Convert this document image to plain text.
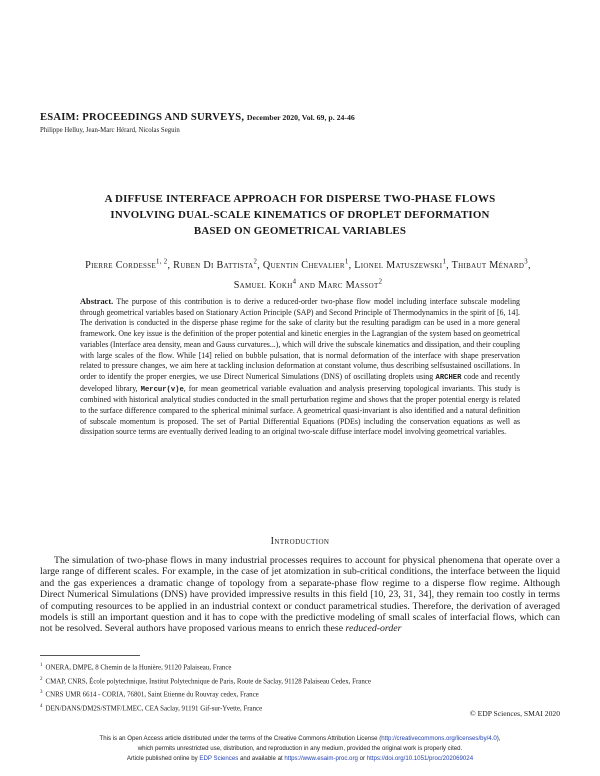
ESAIM: PROCEEDINGS AND SURVEYS, December 2020, Vol. 69, p. 24-46
Philippe Helluy, Jean-Marc Hérard, Nicolas Seguin
A DIFFUSE INTERFACE APPROACH FOR DISPERSE TWO-PHASE FLOWS
INVOLVING DUAL-SCALE KINEMATICS OF DROPLET DEFORMATION
BASED ON GEOMETRICAL VARIABLES
Pierre Cordesse$^{1, 2}$, Ruben Di Battista$^2$, Quentin Chevalier$^1$, Lionel Matuszewski$^1$, Thibaut Ménard$^3$, Samuel Kokh$^4$ and Marc Massot$^2$
Abstract. The purpose of this contribution is to derive a reduced-order two-phase flow model including interface subscale modeling through geometrical variables based on Stationary Action Principle (SAP) and Second Principle of Thermodynamics in the spirit of [6, 14]. The derivation is conducted in the disperse phase regime for the sake of clarity but the resulting paradigm can be used in a more general framework. One key issue is the definition of the proper potential and kinetic energies in the Lagrangian of the system based on geometrical variables (Interface area density, mean and Gauss curvatures...), which will drive the subscale kinematics and dissipation, and their coupling with large scales of the flow. While [14] relied on bubble pulsation, that is normal deformation of the interface with shape preservation related to pressure changes, we aim here at tackling inclusion deformation at constant volume, thus describing selfsustained oscillations. In order to identify the proper energies, we use Direct Numerical Simulations (DNS) of oscillating droplets using ARCHER code and recently developed library, Mercur(v)e, for mean geometrical variable evaluation and analysis preserving topological invariants. This study is combined with historical analytical studies conducted in the small perturbation regime and shows that the proper potential energy is related to the surface difference compared to the spherical minimal surface. A geometrical quasi-invariant is also identified and a natural definition of subscale momentum is proposed. The set of Partial Differential Equations (PDEs) including the conservation equations as well as dissipation source terms are eventually derived leading to an original two-scale diffuse interface model involving geometrical variables.
Introduction

The simulation of two-phase flows in many industrial processes requires to account for physical phenomena that operate over a large range of different scales. For example, in the case of jet atomization in sub-critical conditions, the interface between the liquid and the gas experiences a dramatic change of topology from a separate-phase flow regime to a disperse flow regime. Although Direct Numerical Simulations (DNS) have provided impressive results in this field [10, 23, 31, 34], they remain too costly in terms of computing resources to be applied in an industrial context or conduct parametrical studies. Therefore, the derivation of averaged models is still an important question and it has to cope with the predictive modeling of small scales of interfacial flows, which can not be resolved. Several authors have proposed various means to enrich these reduced-order

$^1$ ONERA, DMPE, 8 Chemin de la Hunière, 91120 Palaiseau, France
$^2$ CMAP, CNRS, École polytechnique, Institut Polytechnique de Paris, Route de Saclay, 91128 Palaiseau Cedex, France
$^3$ CNRS UMR 6614 - CORIA, 76801, Saint Etienne du Rouvray cedex, France
$^4$ DEN/DANS/DM2S/STMF/LMEC, CEA Saclay, 91191 Gif-sur-Yvette, France
© EDP Sciences, SMAI 2020
This is an Open Access article distributed under the terms of the Creative Commons Attribution License (http://creativecommons.org/licenses/by/4.0),
which permits unrestricted use, distribution, and reproduction in any medium, provided the original work is properly cited.
Article published online by EDP Sciences and available at https://www.esaim-proc.org or https://doi.org/10.1051/proc/202069024
